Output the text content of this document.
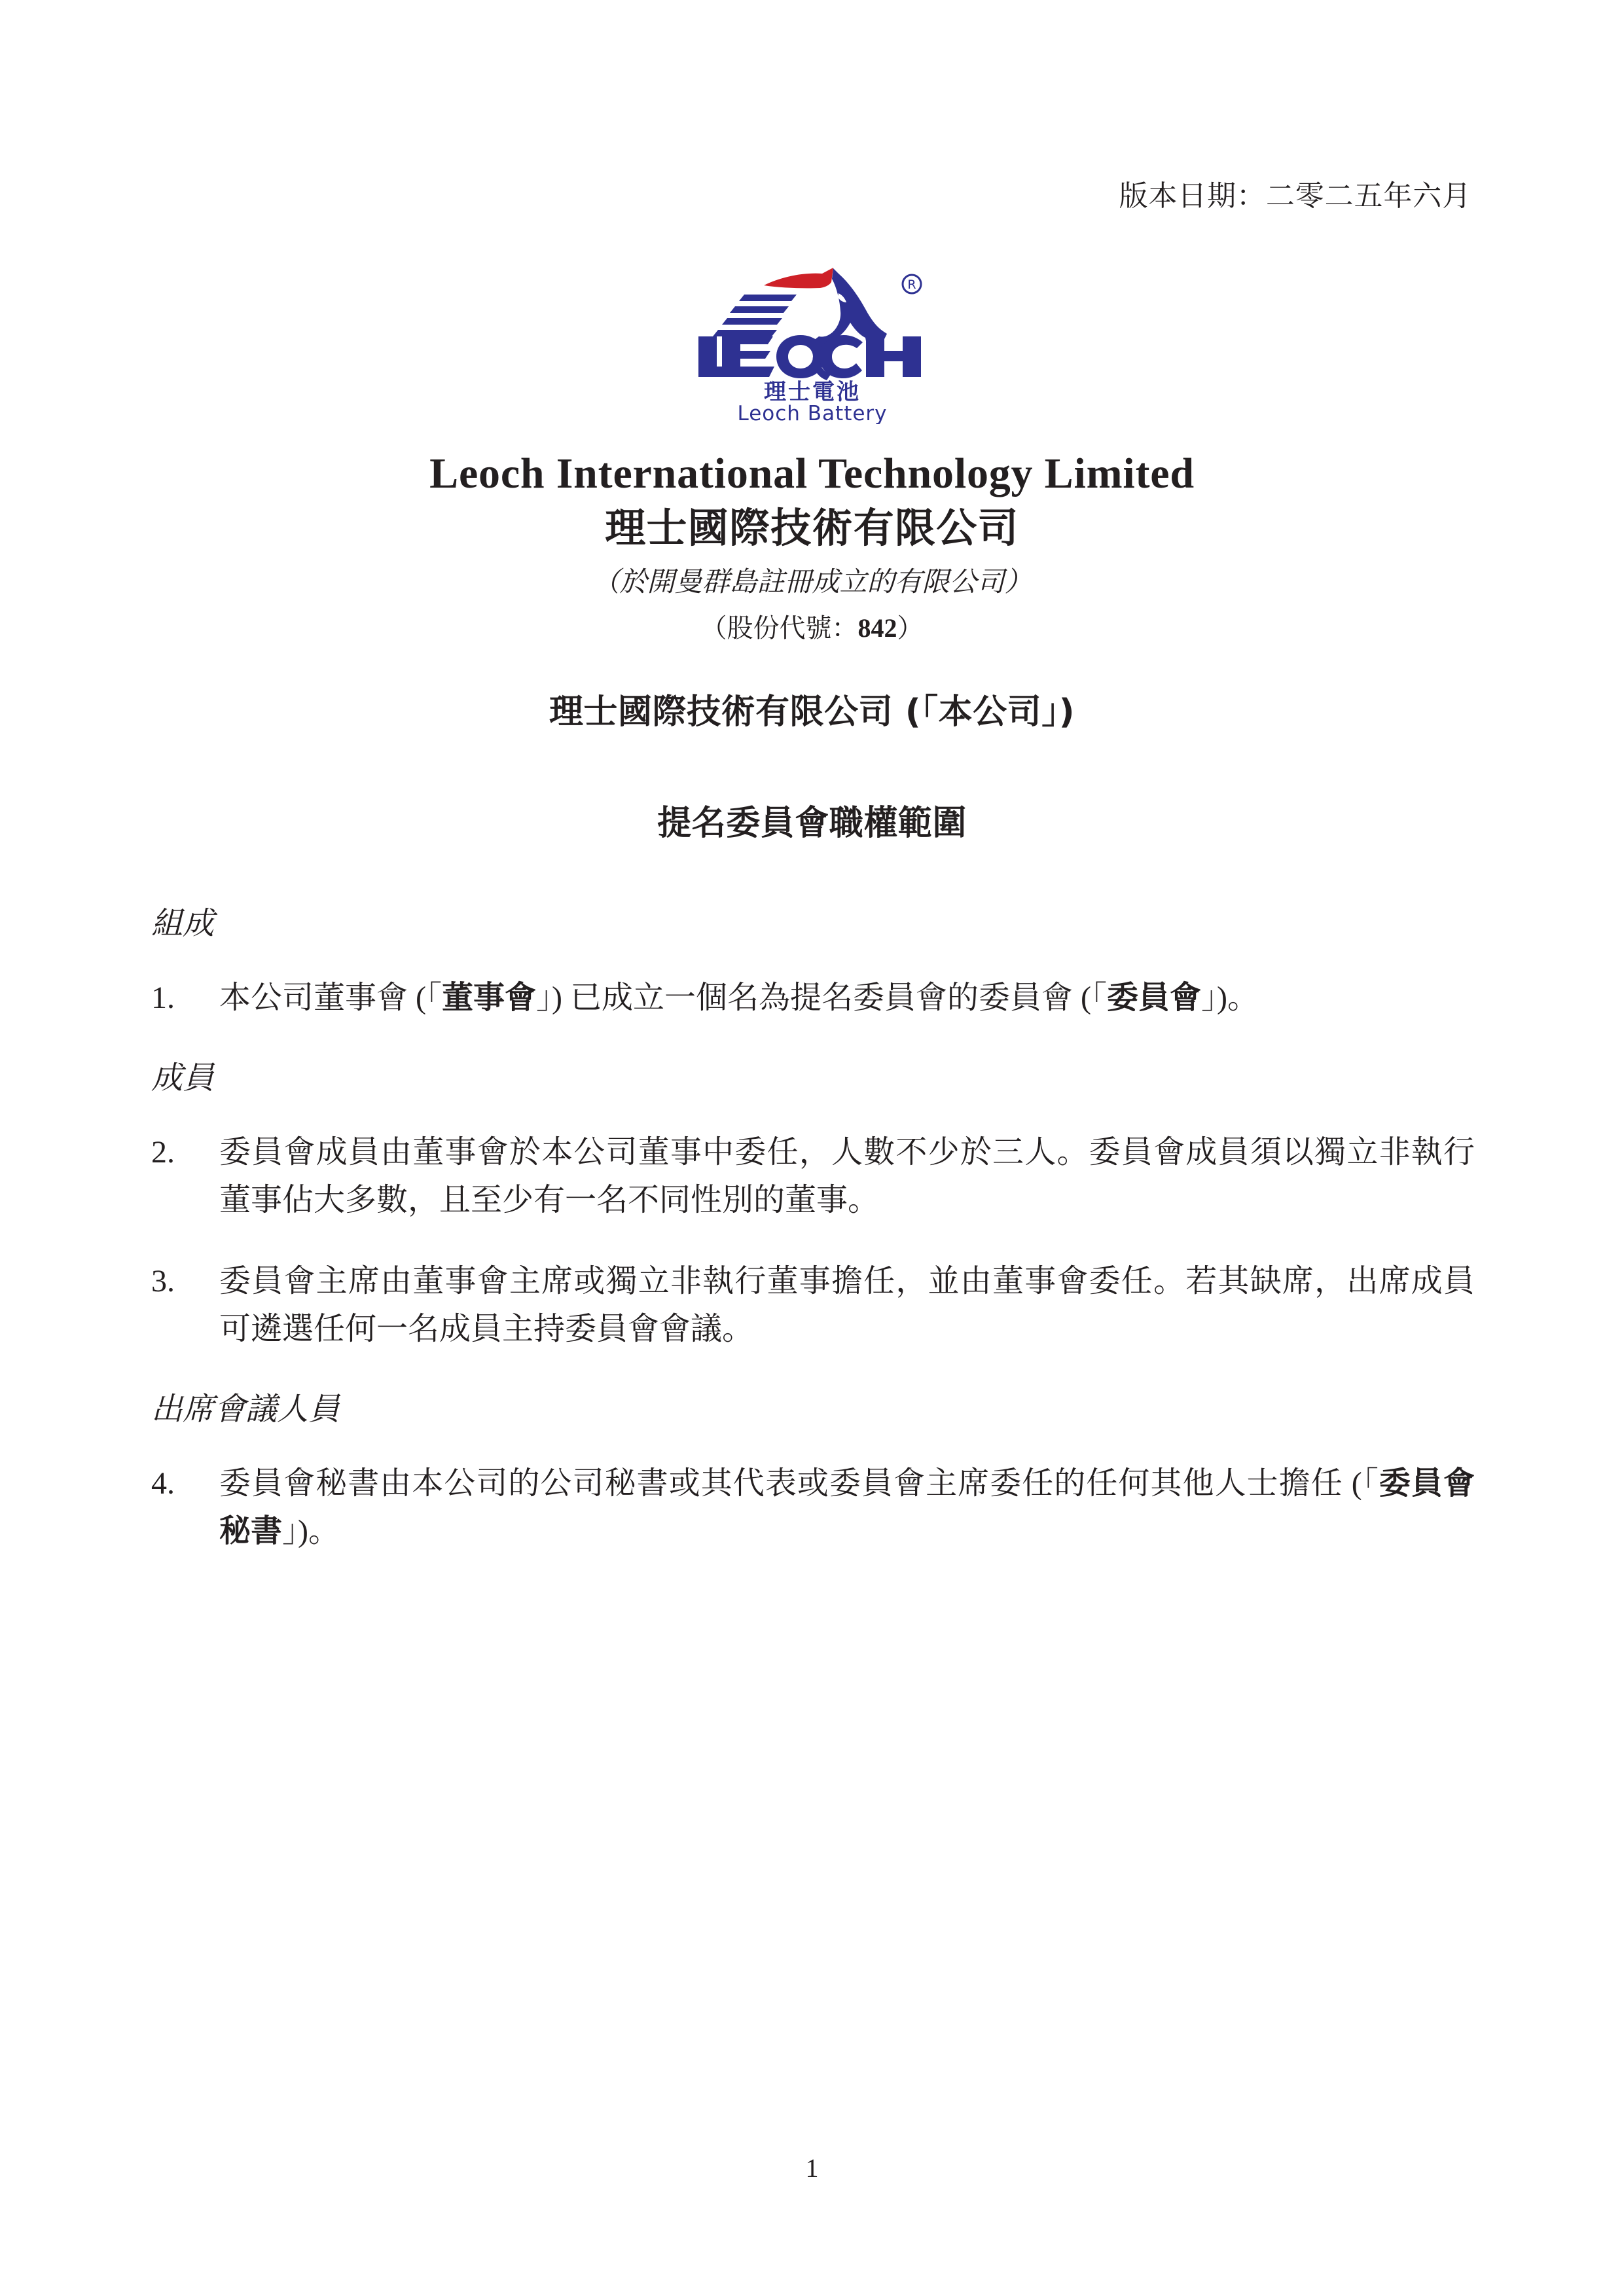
版本日期：二零二五年六月
R
理士電池
Leoch Battery
Leoch International Technology Limited
理士國際技術有限公司
（於開曼群島註冊成立的有限公司）
（股份代號：842）
理士國際技術有限公司 (「本公司」)
提名委員會職權範圍
組成
1.	本公司董事會 (「董事會」) 已成立一個名為提名委員會的委員會 (「委員會」)。
成員
2.	委員會成員由董事會於本公司董事中委任，人數不少於三人。委員會成員須以獨立非執行董事佔大多數，且至少有一名不同性別的董事。
3.	委員會主席由董事會主席或獨立非執行董事擔任，並由董事會委任。若其缺席，出席成員可遴選任何一名成員主持委員會會議。
出席會議人員
4.	委員會秘書由本公司的公司秘書或其代表或委員會主席委任的任何其他人士擔任 (「委員會秘書」)。
1
